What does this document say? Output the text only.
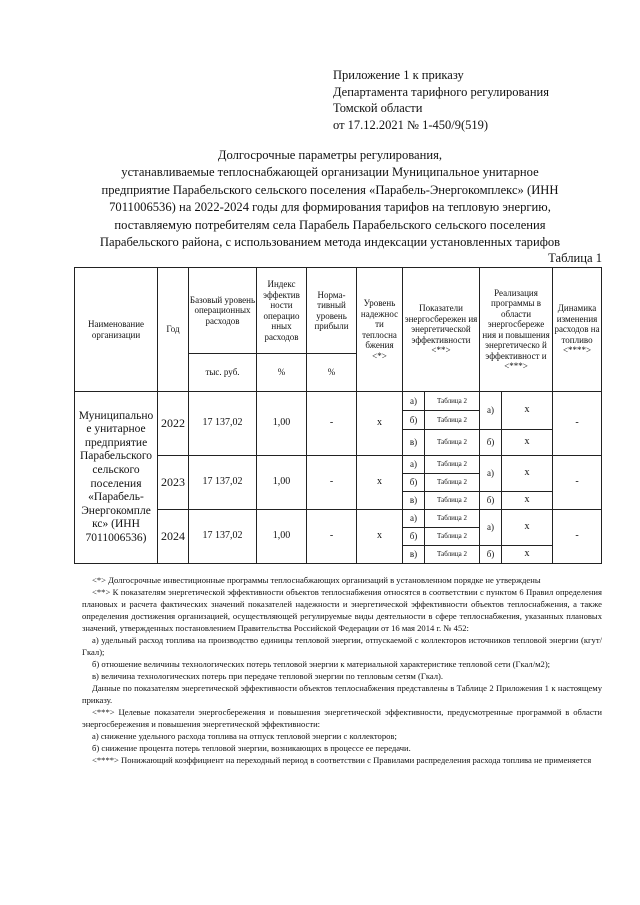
Приложение 1 к приказу
Департамента тарифного регулирования
Томской области
от 17.12.2021 № 1-450/9(519)
Долгосрочные параметры регулирования,
устанавливаемые теплоснабжающей организации Муниципальное унитарное
предприятие Парабельского сельского поселения «Парабель-Энергокомплекс» (ИНН
7011006536) на 2022-2024 годы для формирования тарифов на тепловую энергию,
поставляемую потребителям села Парабель Парабельского сельского поселения
Парабельского района, с использованием метода индексации установленных тарифов
Таблица 1
Наименование организации	Год	Базовый уровень операционных расходов	Индекс эффектив ности операцио нных расходов	Норма- тивный уровень прибыли	Уровень надежнос ти теплосна бжения <*>	Показатели энергосбережен ия энергетической эффективности <**>		Реализация программы в области энергосбереже ния и повышения энергетическо й эффективност и <***>		Динамика изменения расходов на топливо <****>
		тыс. руб.	%	%						
Муниципально е унитарное предприятие Парабельского сельского поселения «Парабель- Энергокомпле кс» (ИНН 7011006536)	2022	17 137,02	1,00	-	х	а)	Таблица 2	а)	х	-
						б)	Таблица 2			
						в)	Таблица 2	б)	х	
	2023	17 137,02	1,00	-	х	а)	Таблица 2	а)	х	-
						б)	Таблица 2			
						в)	Таблица 2	б)	х	
	2024	17 137,02	1,00	-	х	а)	Таблица 2	а)	х	-
						б)	Таблица 2			
						в)	Таблица 2	б)	х	

<*> Долгосрочные инвестиционные программы теплоснабжающих организаций в установленном порядке не утверждены

<**> К показателям энергетической эффективности объектов теплоснабжения относятся в соответствии с пунктом 6 Правил определения плановых и расчета фактических значений показателей надежности и энергетической эффективности объектов теплоснабжения, а также определения достижения организацией, осуществляющей регулируемые виды деятельности в сфере теплоснабжения, указанных плановых значений, утвержденных постановлением Правительства Российской Федерации от 16 мая 2014 г. № 452:

а) удельный расход топлива на производство единицы тепловой энергии, отпускаемой с коллекторов источников тепловой энергии (кгут/Гкал);

б) отношение величины технологических потерь тепловой энергии к материальной характеристике тепловой сети (Гкал/м2);

в) величина технологических потерь при передаче тепловой энергии по тепловым сетям (Гкал).

Данные по показателям энергетической эффективности объектов теплоснабжения представлены в Таблице 2 Приложения 1 к настоящему приказу.

<***> Целевые показатели энергосбережения и повышения энергетической эффективности, предусмотренные программой в области энергосбережения и повышения энергетической эффективности:

а) снижение удельного расхода топлива на отпуск тепловой энергии с коллекторов;

б) снижение процента потерь тепловой энергии, возникающих в процессе ее передачи.

<****> Понижающий коэффициент на переходный период в соответствии с Правилами распределения расхода топлива не применяется
